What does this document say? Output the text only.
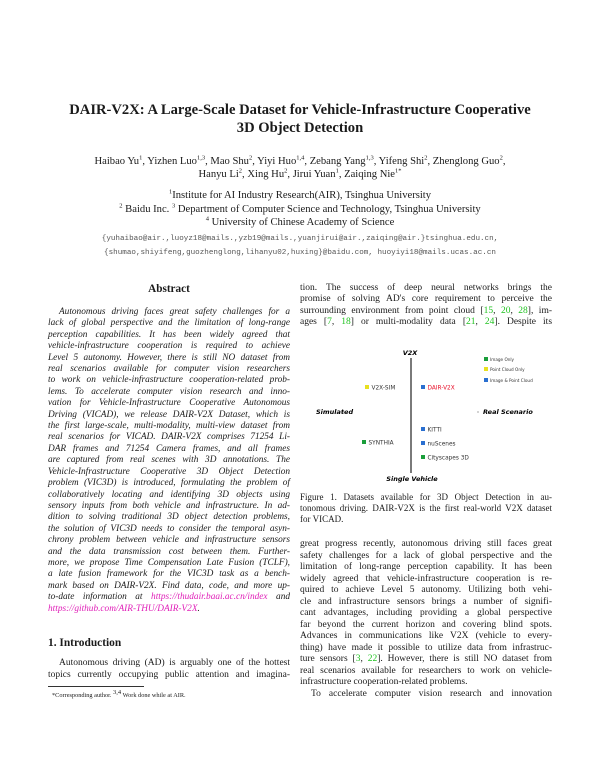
DAIR-V2X: A Large-Scale Dataset for Vehicle-Infrastructure Cooperative
3D Object Detection
Haibao Yu$^1$, Yizhen Luo$^{1,3}$, Mao Shu$^2$, Yiyi Huo$^{1,4}$, Zebang Yang$^{1,3}$, Yifeng Shi$^2$, Zhenglong Guo$^2$,
Hanyu Li$^2$, Xing Hu$^2$, Jirui Yuan$^1$, Zaiqing Nie$^{1*}$
$^1$Institute for AI Industry Research(AIR), Tsinghua University
$^2$ Baidu Inc. $^3$ Department of Computer Science and Technology, Tsinghua University
$^4$ University of Chinese Academy of Science
{yuhaibao@air.,luoyz18@mails.,yzb19@mails.,yuanjirui@air.,zaiqing@air.}tsinghua.edu.cn,
{shumao,shiyifeng,guozhenglong,lihanyu02,huxing}@baidu.com, huoyiyi18@mails.ucas.ac.cn
Abstract
Autonomous driving faces great safety challenges for a
lack of global perspective and the limitation of long-range
perception capabilities. It has been widely agreed that
vehicle-infrastructure cooperation is required to achieve
Level 5 autonomy. However, there is still NO dataset from
real scenarios available for computer vision researchers
to work on vehicle-infrastructure cooperation-related prob-
lems. To accelerate computer vision research and inno-
vation for Vehicle-Infrastructure Cooperative Autonomous
Driving (VICAD), we release DAIR-V2X Dataset, which is
the first large-scale, multi-modality, multi-view dataset from
real scenarios for VICAD. DAIR-V2X comprises 71254 Li-
DAR frames and 71254 Camera frames, and all frames
are captured from real scenes with 3D annotations. The
Vehicle-Infrastructure Cooperative 3D Object Detection
problem (VIC3D) is introduced, formulating the problem of
collaboratively locating and identifying 3D objects using
sensory inputs from both vehicle and infrastructure. In ad-
dition to solving traditional 3D object detection problems,
the solution of VIC3D needs to consider the temporal asyn-
chrony problem between vehicle and infrastructure sensors
and the data transmission cost between them. Further-
more, we propose Time Compensation Late Fusion (TCLF),
a late fusion framework for the VIC3D task as a bench-
mark based on DAIR-V2X. Find data, code, and more up-
to-date information at https://thudair.baai.ac.cn/index and
https://github.com/AIR-THU/DAIR-V2X.
1. Introduction
Autonomous driving (AD) is arguably one of the hottest
topics currently occupying public attention and imagina-
*Corresponding author. 3,4 Work done while at AIR.
tion. The success of deep neural networks brings the
promise of solving AD's core requirement to perceive the
surrounding environment from point cloud [15, 20, 28], im-
ages [7, 18] or multi-modality data [21, 24]. Despite its
V2X
Single Vehicle
Simulated	Real Scenario
Image Only
Point Cloud Only
Image & Point Cloud
V2X-SIM	DAIR-V2X
KITTI
SYNTHIA	nuScenes
Cityscapes 3D
Figure 1. Datasets available for 3D Object Detection in au-
tonomous driving. DAIR-V2X is the first real-world V2X dataset
for VICAD.
great progress recently, autonomous driving still faces great
safety challenges for a lack of global perspective and the
limitation of long-range perception capability. It has been
widely agreed that vehicle-infrastructure cooperation is re-
quired to achieve Level 5 autonomy. Utilizing both vehi-
cle and infrastructure sensors brings a number of signifi-
cant advantages, including providing a global perspective
far beyond the current horizon and covering blind spots.
Advances in communications like V2X (vehicle to every-
thing) have made it possible to utilize data from infrastruc-
ture sensors [3, 22]. However, there is still NO dataset from
real scenarios available for researchers to work on vehicle-
infrastructure cooperation-related problems.
To accelerate computer vision research and innovation
